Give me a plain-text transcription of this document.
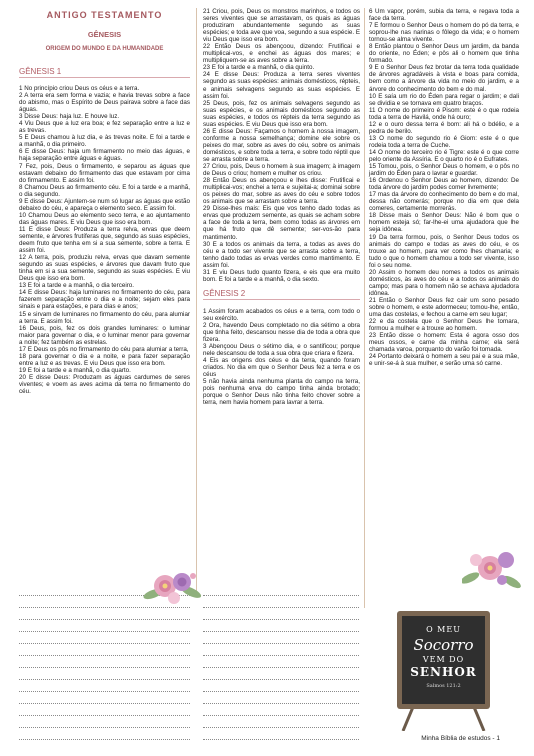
ANTIGO TESTAMENTO
GÊNESIS
ORIGEM DO MUNDO E DA HUMANIDADE
GÊNESIS 1

1 No princípio criou Deus os céus e a terra.

2 A terra era sem forma e vazia; e havia trevas sobre a face do abismo, mas o Espírito de Deus pairava sobre a face das águas.

3 Disse Deus: haja luz. E houve luz.

4 Viu Deus que a luz era boa; e fez separação entre a luz e as trevas.

5 E Deus chamou à luz dia, e às trevas noite. E foi a tarde e a manhã, o dia primeiro.

6 E disse Deus: haja um firmamento no meio das águas, e haja separação entre águas e águas.

7 Fez, pois, Deus o firmamento, e separou as águas que estavam debaixo do firmamento das que estavam por cima do firmamento. E assim foi.

8 Chamou Deus ao firmamento céu. E foi a tarde e a manhã, o dia segundo.

9 E disse Deus: Ajuntem-se num só lugar as águas que estão debaixo do céu, e apareça o elemento seco. E assim foi.

10 Chamou Deus ao elemento seco terra, e ao ajuntamento das águas mares. E viu Deus que isso era bom.

11 E disse Deus: Produza a terra relva, ervas que deem semente, e árvores frutíferas que, segundo as suas espécies, deem fruto que tenha em si a sua semente, sobre a terra. E assim foi.

12 A terra, pois, produziu relva, ervas que davam semente segundo as suas espécies, e árvores que davam fruto que tinha em si a sua semente, segundo as suas espécies. E viu Deus que isso era bom.

13 E foi a tarde e a manhã, o dia terceiro.

14 E disse Deus: haja luminares no firmamento do céu, para fazerem separação entre o dia e a noite; sejam eles para sinais e para estações, e para dias e anos;

15 e sirvam de luminares no firmamento do céu, para alumiar a terra. E assim foi.

16 Deus, pois, fez os dois grandes luminares: o luminar maior para governar o dia, e o luminar menor para governar a noite; fez também as estrelas.

17 E Deus os pôs no firmamento do céu para alumiar a terra,

18 para governar o dia e a noite, e para fazer separação entre a luz e as trevas. E viu Deus que isso era bom.

19 E foi a tarde e a manhã, o dia quarto.

20 E disse Deus: Produzam as águas cardumes de seres viventes; e voem as aves acima da terra no firmamento do céu.

21 Criou, pois, Deus os monstros marinhos, e todos os seres viventes que se arrastavam, os quais as águas produziram abundantemente segundo as suas espécies; e toda ave que voa, segundo a sua espécie. E viu Deus que isso era bom.

22 Então Deus os abençoou, dizendo: Frutificai e multiplicai-vos, e enchei as águas dos mares; e multipliquem-se as aves sobre a terra.

23 E foi a tarde e a manhã, o dia quinto.

24 E disse Deus: Produza a terra seres viventes segundo as suas espécies: animais domésticos, répteis, e animais selvagens segundo as suas espécies. E assim foi.

25 Deus, pois, fez os animais selvagens segundo as suas espécies, e os animais domésticos segundo as suas espécies, e todos os répteis da terra segundo as suas espécies. E viu Deus que isso era bom.

26 E disse Deus: Façamos o homem à nossa imagem, conforme a nossa semelhança; domine ele sobre os peixes do mar, sobre as aves do céu, sobre os animais domésticos, e sobre toda a terra, e sobre todo réptil que se arrasta sobre a terra.

27 Criou, pois, Deus o homem à sua imagem; à imagem de Deus o criou; homem e mulher os criou.

28 Então Deus os abençoou e lhes disse: Frutificai e multiplicai-vos; enchei a terra e sujeitai-a; dominai sobre os peixes do mar, sobre as aves do céu e sobre todos os animais que se arrastam sobre a terra.

29 Disse-lhes mais: Eis que vos tenho dado todas as ervas que produzem semente, as quais se acham sobre a face de toda a terra, bem como todas as árvores em que há fruto que dê semente; ser-vos-ão para mantimento.

30 E a todos os animais da terra, a todas as aves do céu e a todo ser vivente que se arrasta sobre a terra, tenho dado todas as ervas verdes como mantimento. E assim foi.

31 E viu Deus tudo quanto fizera, e eis que era muito bom. E foi a tarde e a manhã, o dia sexto.

GÊNESIS 2

1 Assim foram acabados os céus e a terra, com todo o seu exército.

2 Ora, havendo Deus completado no dia sétimo a obra que tinha feito, descansou nesse dia de toda a obra que fizera.

3 Abençoou Deus o sétimo dia, e o santificou; porque nele descansou de toda a sua obra que criara e fizera.

4 Eis as origens dos céus e da terra, quando foram criados. No dia em que o Senhor Deus fez a terra e os céus

5 não havia ainda nenhuma planta do campo na terra, pois nenhuma erva do campo tinha ainda brotado; porque o Senhor Deus não tinha feito chover sobre a terra, nem havia homem para lavrar a terra.

6 Um vapor, porém, subia da terra, e regava toda a face da terra.

7 E formou o Senhor Deus o homem do pó da terra, e soprou-lhe nas narinas o fôlego da vida; e o homem tornou-se alma vivente.

8 Então plantou o Senhor Deus um jardim, da banda do oriente, no Éden; e pôs ali o homem que tinha formado.

9 E o Senhor Deus fez brotar da terra toda qualidade de árvores agradáveis à vista e boas para comida, bem como a árvore da vida no meio do jardim, e a árvore do conhecimento do bem e do mal.

10 E saía um rio do Éden para regar o jardim; e dali se dividia e se tornava em quatro braços.

11 O nome do primeiro é Pisom: este é o que rodeia toda a terra de Havilá, onde há ouro;

12 e o ouro dessa terra é bom: ali há o bdélio, e a pedra de berilo.

13 O nome do segundo rio é Giom: este é o que rodeia toda a terra de Cuche.

14 O nome do terceiro rio é Tigre: este é o que corre pelo oriente da Assíria. E o quarto rio é o Eufrates.

15 Tomou, pois, o Senhor Deus o homem, e o pôs no jardim do Éden para o lavrar e guardar.

16 Ordenou o Senhor Deus ao homem, dizendo: De toda árvore do jardim podes comer livremente;

17 mas da árvore do conhecimento do bem e do mal, dessa não comerás; porque no dia em que dela comeres, certamente morrerás.

18 Disse mais o Senhor Deus: Não é bom que o homem esteja só; far-lhe-ei uma ajudadora que lhe seja idônea.

19 Da terra formou, pois, o Senhor Deus todos os animais do campo e todas as aves do céu, e os trouxe ao homem, para ver como lhes chamaria; e tudo o que o homem chamou a todo ser vivente, isso foi o seu nome.

20 Assim o homem deu nomes a todos os animais domésticos, às aves do céu e a todos os animais do campo; mas para o homem não se achava ajudadora idônea.

21 Então o Senhor Deus fez cair um sono pesado sobre o homem, e este adormeceu; tomou-lhe, então, uma das costelas, e fechou a carne em seu lugar;

22 e da costela que o Senhor Deus lhe tomara, formou a mulher e a trouxe ao homem.

23 Então disse o homem: Esta é agora osso dos meus ossos, e carne da minha carne; ela será chamada varoa, porquanto do varão foi tomada.

24 Portanto deixará o homem a seu pai e a sua mãe, e unir-se-á à sua mulher, e serão uma só carne.

O MEU
Socorro
VEM DO
SENHOR
Salmos 121:2
Minha Bíblia de estudos - 1
